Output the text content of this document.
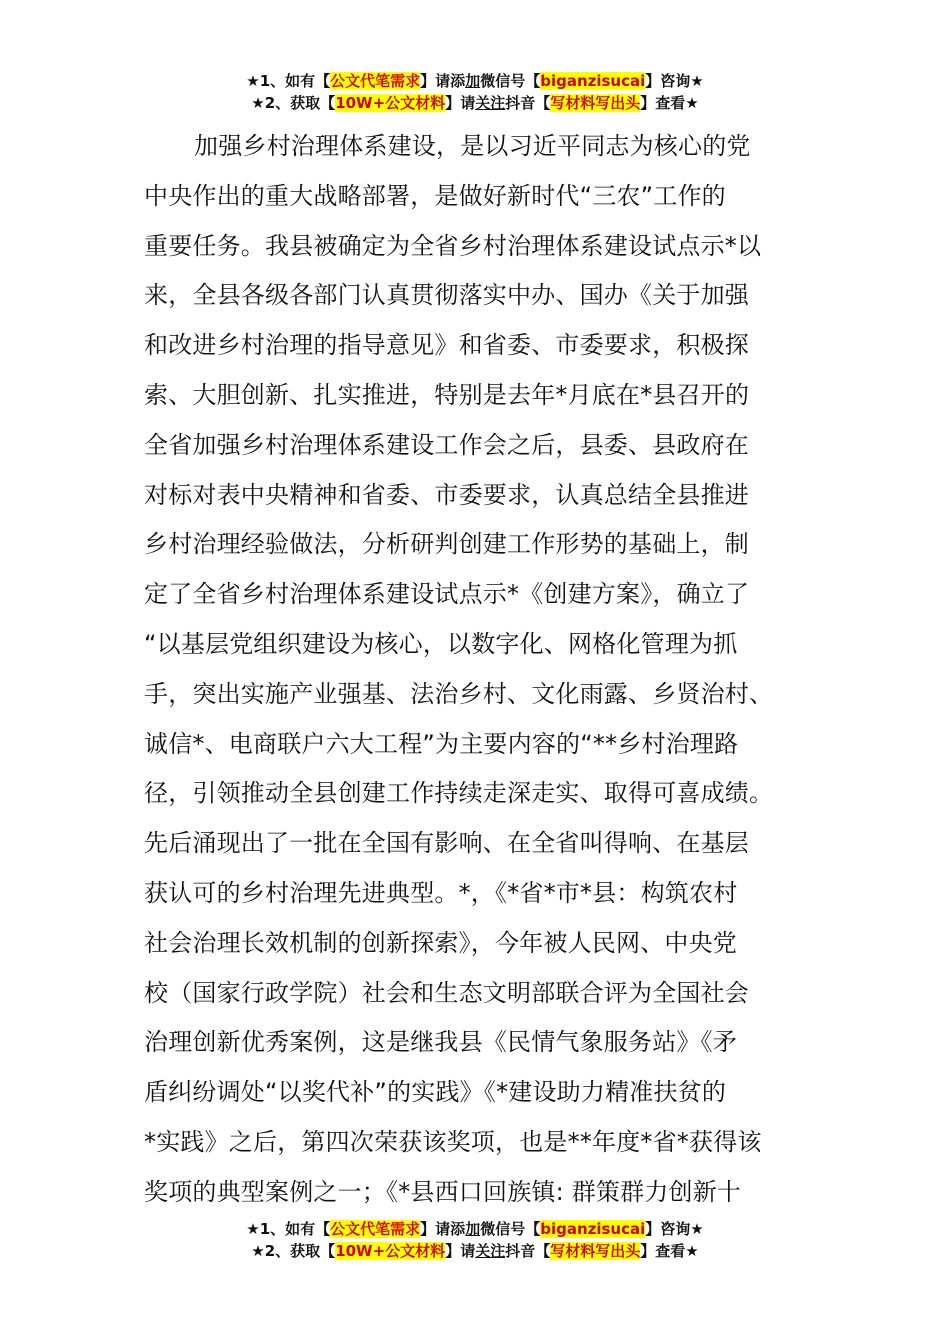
★1、如有【公文代笔需求】请添加微信号【biganzisucai】咨询★
★2、获取【10W+公文材料】请关注抖音【写材料写出头】查看★
加强乡村治理体系建设，是以习近平同志为核心的党
中央作出的重大战略部署，是做好新时代“三农”工作的
重要任务。我县被确定为全省乡村治理体系建设试点示*以
来，全县各级各部门认真贯彻落实中办、国办《关于加强
和改进乡村治理的指导意见》和省委、市委要求，积极探
索、大胆创新、扎实推进，特别是去年*月底在*县召开的
全省加强乡村治理体系建设工作会之后，县委、县政府在
对标对表中央精神和省委、市委要求，认真总结全县推进
乡村治理经验做法，分析研判创建工作形势的基础上，制
定了全省乡村治理体系建设试点示*《创建方案》，确立了
“以基层党组织建设为核心，以数字化、网格化管理为抓
手，突出实施产业强基、法治乡村、文化雨露、乡贤治村、
诚信*、电商联户六大工程”为主要内容的“**乡村治理路
径，引领推动全县创建工作持续走深走实、取得可喜成绩。
先后涌现出了一批在全国有影响、在全省叫得响、在基层
获认可的乡村治理先进典型。*，《*省*市*县：构筑农村
社会治理长效机制的创新探索》，今年被人民网、中央党
校（国家行政学院）社会和生态文明部联合评为全国社会
治理创新优秀案例，这是继我县《民情气象服务站》《矛
盾纠纷调处“以奖代补”的实践》《*建设助力精准扶贫的
*实践》之后，第四次荣获该奖项，也是**年度*省*获得该
奖项的典型案例之一；《*县西口回族镇: 群策群力创新十
★1、如有【公文代笔需求】请添加微信号【biganzisucai】咨询★
★2、获取【10W+公文材料】请关注抖音【写材料写出头】查看★
